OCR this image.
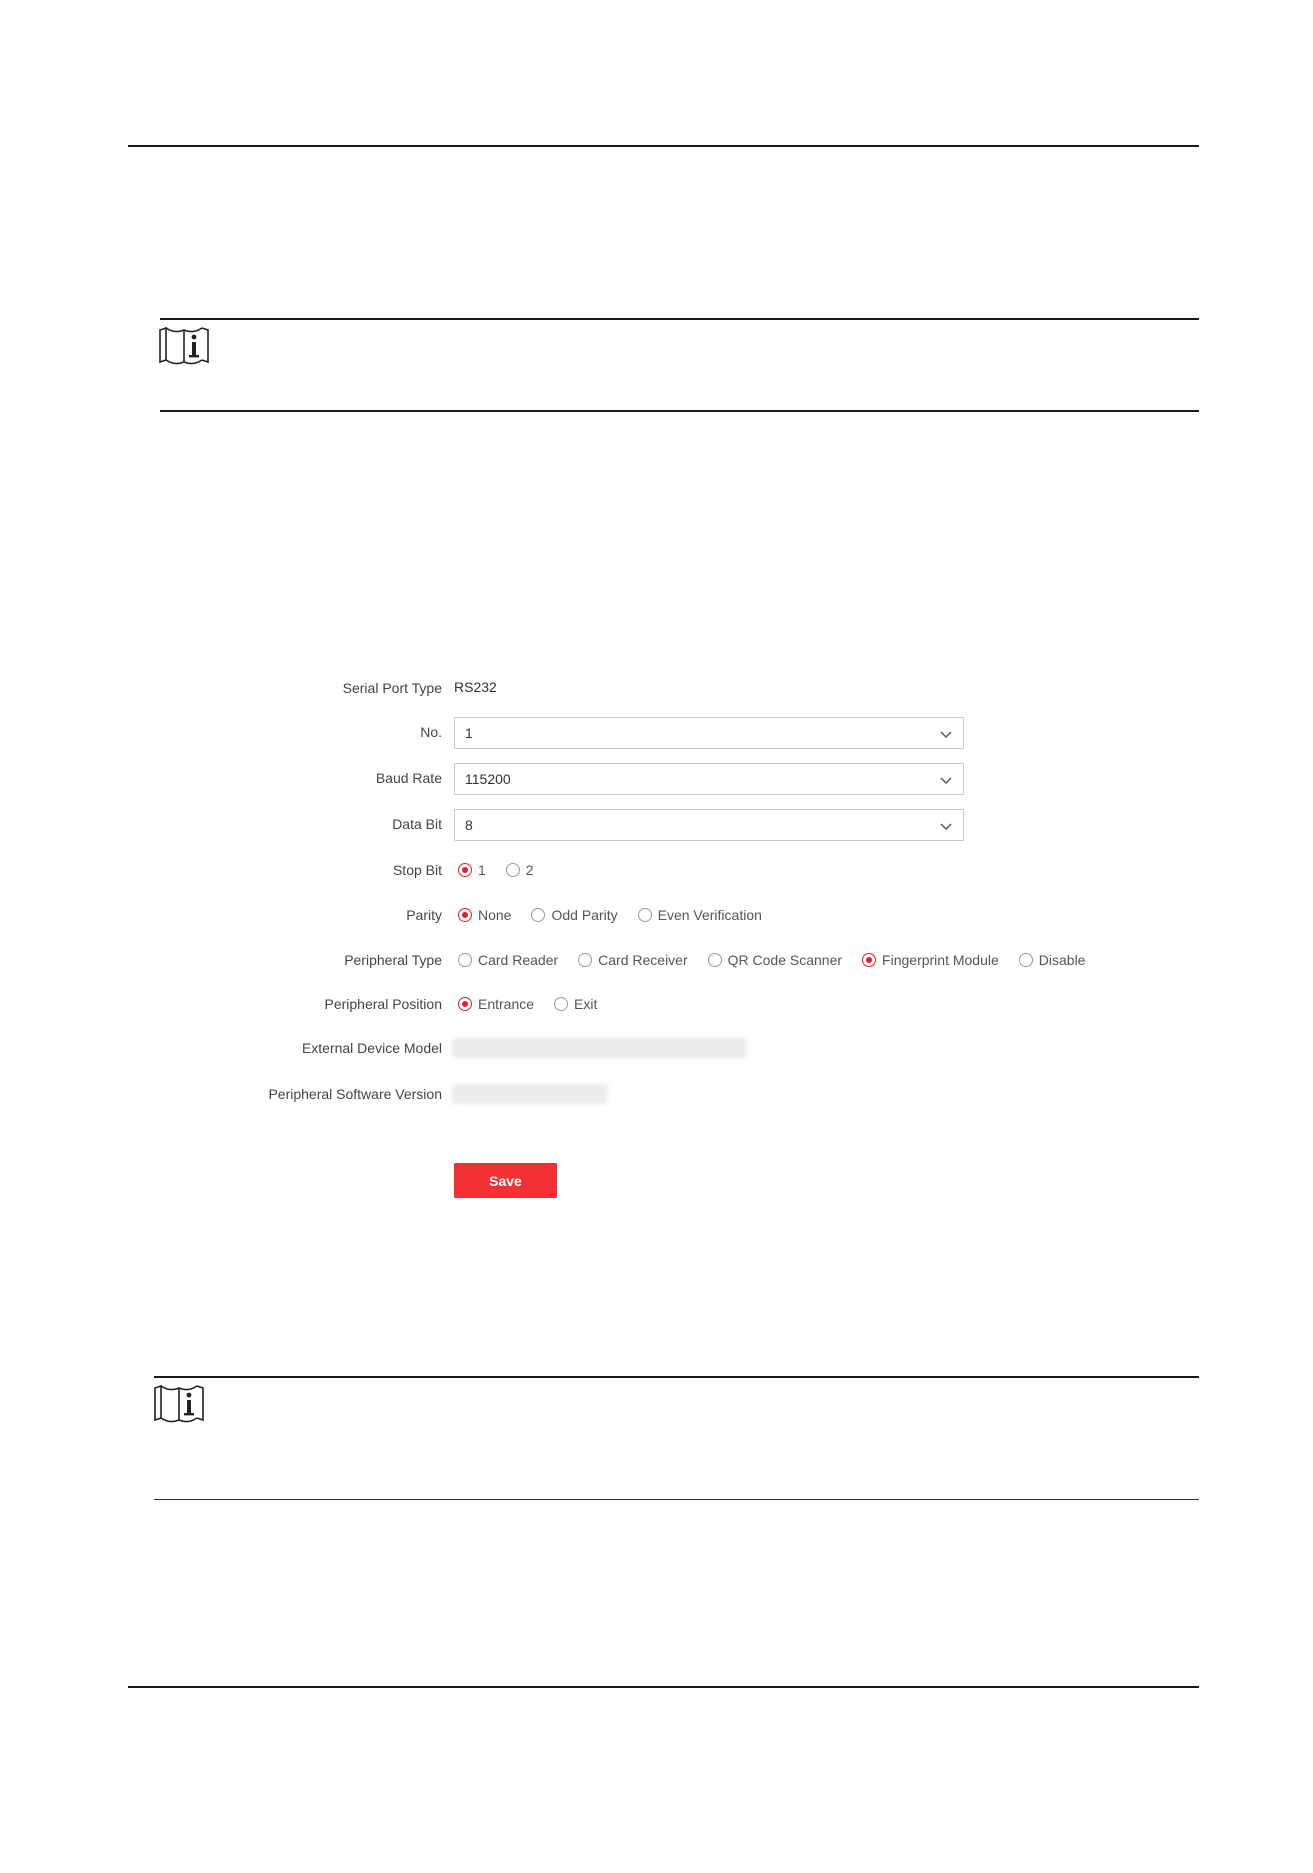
Serial Port Type RS232
No. 1
Baud Rate 115200
Data Bit 8
Stop Bit	1	2
Parity	None	Odd Parity	Even Verification
Peripheral Type	Card Reader	Card Receiver	QR Code Scanner	Fingerprint Module	Disable
Peripheral Position	Entrance	Exit
External Device Model
Peripheral Software Version
Save
